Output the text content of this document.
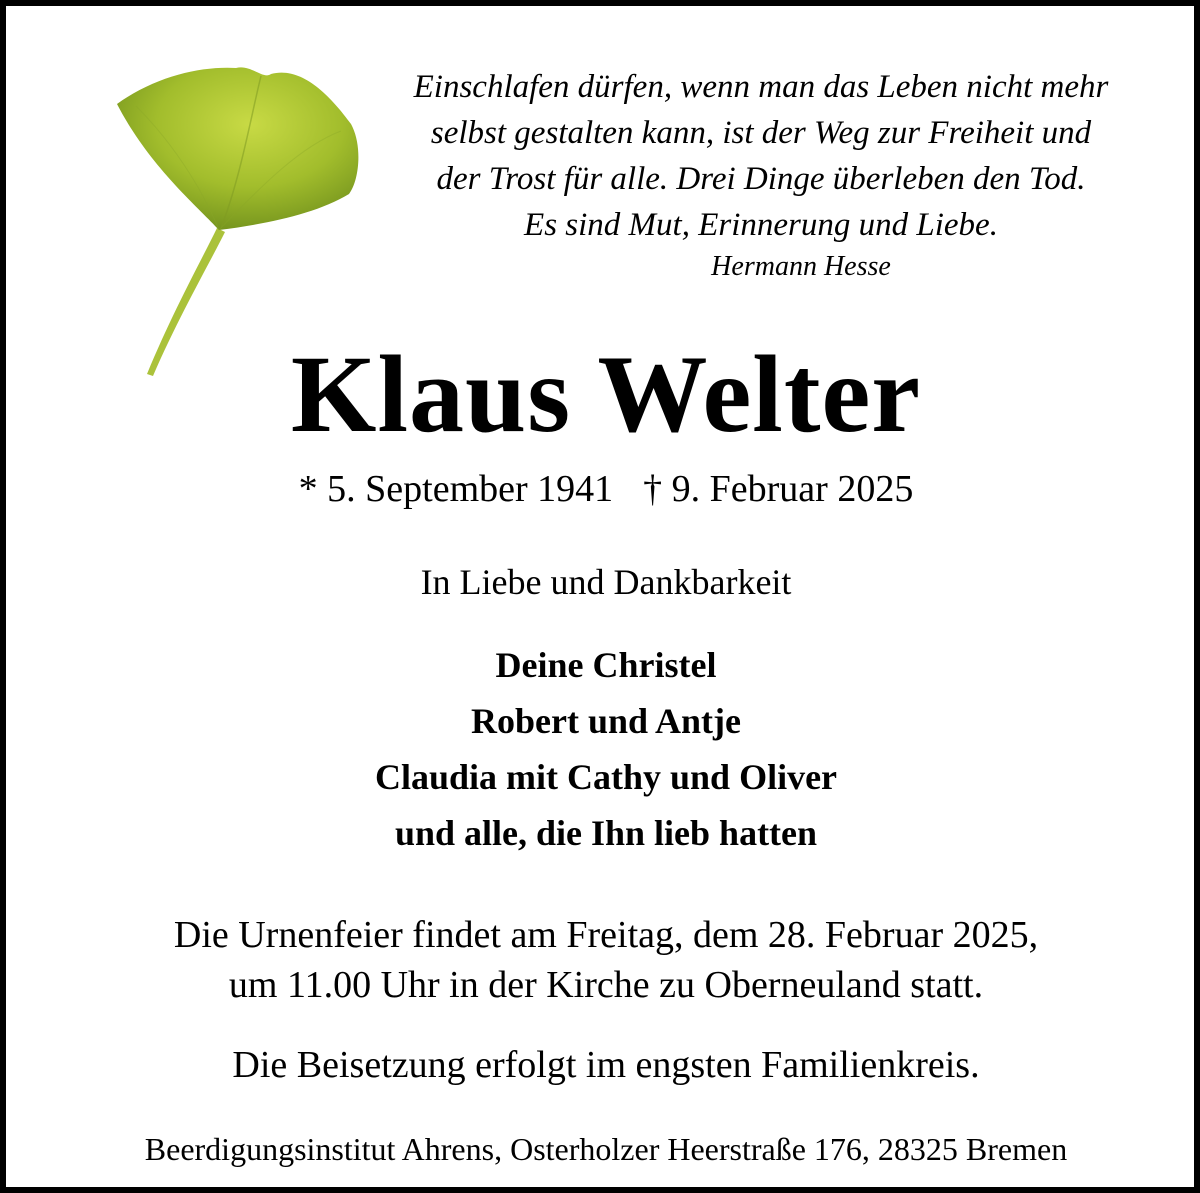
Einschlafen dürfen, wenn man das Leben nicht mehr
selbst gestalten kann, ist der Weg zur Freiheit und
der Trost für alle. Drei Dinge überleben den Tod.
Es sind Mut, Erinnerung und Liebe.
Hermann Hesse
Klaus Welter
* 5. September 1941 † 9. Februar 2025
In Liebe und Dankbarkeit
Deine Christel
Robert und Antje
Claudia mit Cathy und Oliver
und alle, die Ihn lieb hatten
Die Urnenfeier findet am Freitag, dem 28. Februar 2025,
um 11.00 Uhr in der Kirche zu Oberneuland statt.
Die Beisetzung erfolgt im engsten Familienkreis.
Beerdigungsinstitut Ahrens, Osterholzer Heerstraße 176, 28325 Bremen
